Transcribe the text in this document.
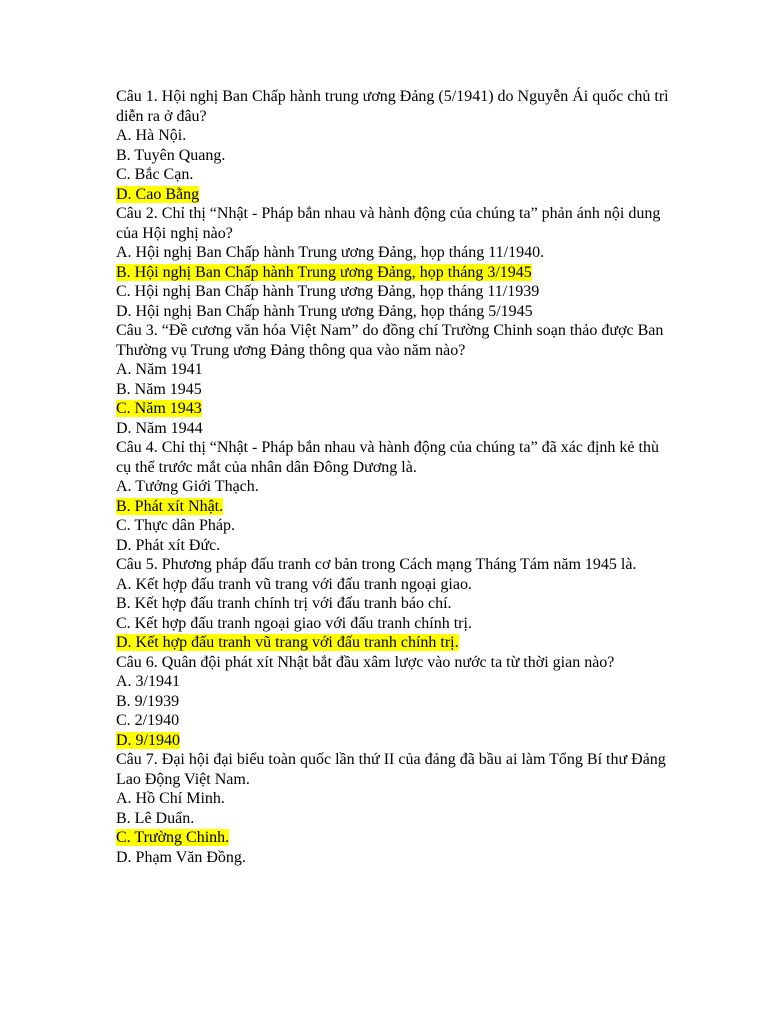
Câu 1. Hội nghị Ban Chấp hành trung ương Đảng (5/1941) do Nguyễn Ái quốc chủ trì diễn ra ở đâu?
A. Hà Nội.
B. Tuyên Quang.
C. Bắc Cạn.
D. Cao Bằng
Câu 2. Chỉ thị “Nhật - Pháp bắn nhau và hành động của chúng ta” phản ánh nội dung của Hội nghị nào?
A. Hội nghị Ban Chấp hành Trung ương Đảng, họp tháng 11/1940.
B. Hội nghị Ban Chấp hành Trung ương Đảng, họp tháng 3/1945
C. Hội nghị Ban Chấp hành Trung ương Đảng, họp tháng 11/1939
D. Hội nghị Ban Chấp hành Trung ương Đảng, họp tháng 5/1945
Câu 3. “Đề cương văn hóa Việt Nam” do đồng chí Trường Chinh soạn thảo được Ban Thường vụ Trung ương Đảng thông qua vào năm nào?
A. Năm 1941
B. Năm 1945
C. Năm 1943
D. Năm 1944
Câu 4. Chỉ thị “Nhật - Pháp bắn nhau và hành động của chúng ta” đã xác định kẻ thù cụ thể trước mắt của nhân dân Đông Dương là.
A. Tưởng Giới Thạch.
B. Phát xít Nhật.
C. Thực dân Pháp.
D. Phát xít Đức.
Câu 5. Phương pháp đấu tranh cơ bản trong Cách mạng Tháng Tám năm 1945 là.
A. Kết hợp đấu tranh vũ trang với đấu tranh ngoại giao.
B. Kết hợp đấu tranh chính trị với đấu tranh báo chí.
C. Kết hợp đấu tranh ngoại giao với đấu tranh chính trị.
D. Kết hợp đấu tranh vũ trang với đấu tranh chính trị.
Câu 6. Quân đội phát xít Nhật bắt đầu xâm lược vào nước ta từ thời gian nào?
A. 3/1941
B. 9/1939
C. 2/1940
D. 9/1940
Câu 7. Đại hội đại biểu toàn quốc lần thứ II của đảng đã bầu ai làm Tổng Bí thư Đảng Lao Động Việt Nam.
A. Hồ Chí Minh.
B. Lê Duẩn.
C. Trường Chinh.
D. Phạm Văn Đồng.
